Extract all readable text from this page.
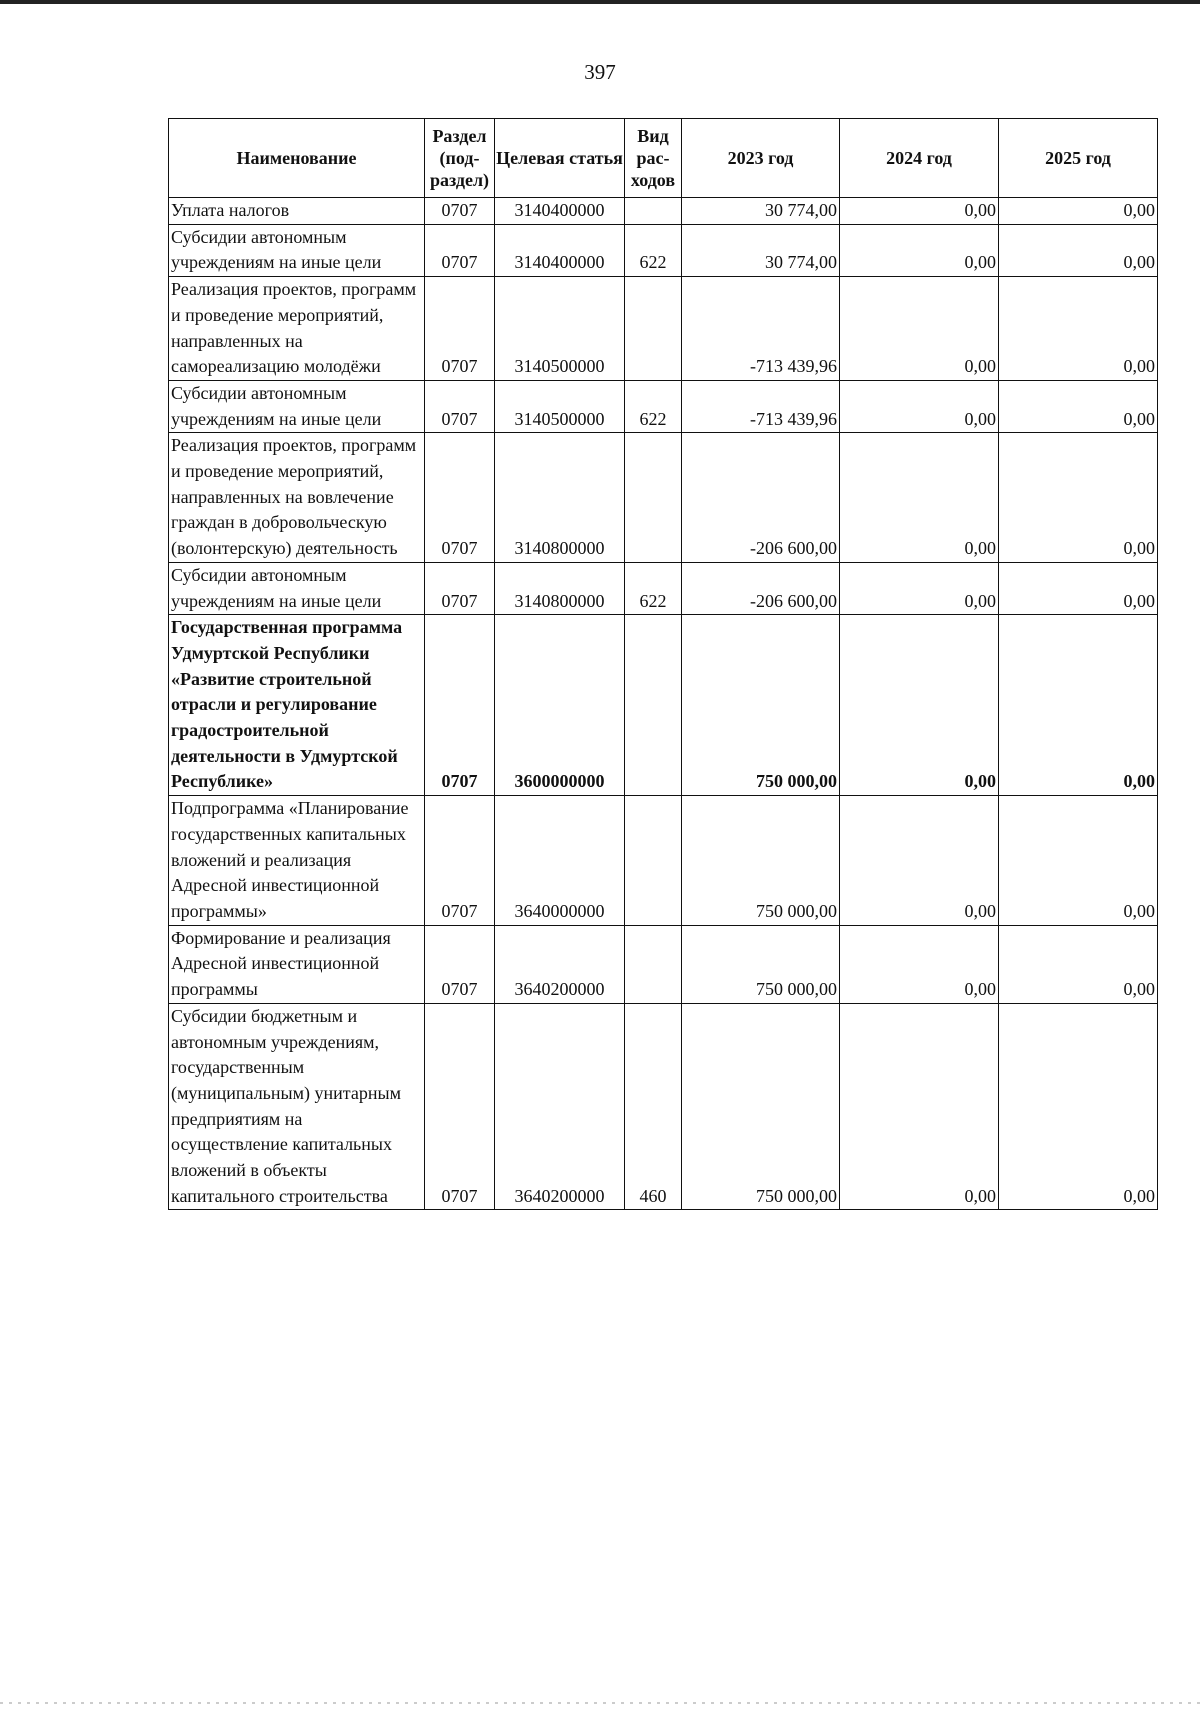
397
Наименование	Раздел (под-раздел)	Целевая статья	Вид рас-ходов	2023 год	2024 год	2025 год
Уплата налогов	0707	3140400000		30 774,00	0,00	0,00
Субсидии автономным учреждениям на иные цели	0707	3140400000	622	30 774,00	0,00	0,00
Реализация проектов, программ и проведение мероприятий, направленных на самореализацию молодёжи	0707	3140500000		-713 439,96	0,00	0,00
Субсидии автономным учреждениям на иные цели	0707	3140500000	622	-713 439,96	0,00	0,00
Реализация проектов, программ и проведение мероприятий, направленных на вовлечение граждан в добровольческую (волонтерскую) деятельность	0707	3140800000		-206 600,00	0,00	0,00
Субсидии автономным учреждениям на иные цели	0707	3140800000	622	-206 600,00	0,00	0,00
Государственная программа Удмуртской Республики «Развитие строительной отрасли и регулирование градостроительной деятельности в Удмуртской Республике»	0707	3600000000		750 000,00	0,00	0,00
Подпрограмма «Планирование государственных капитальных вложений и реализация Адресной инвестиционной программы»	0707	3640000000		750 000,00	0,00	0,00
Формирование и реализация Адресной инвестиционной программы	0707	3640200000		750 000,00	0,00	0,00
Субсидии бюджетным и автономным учреждениям, государственным (муниципальным) унитарным предприятиям на осуществление капитальных вложений в объекты капитального строительства	0707	3640200000	460	750 000,00	0,00	0,00
